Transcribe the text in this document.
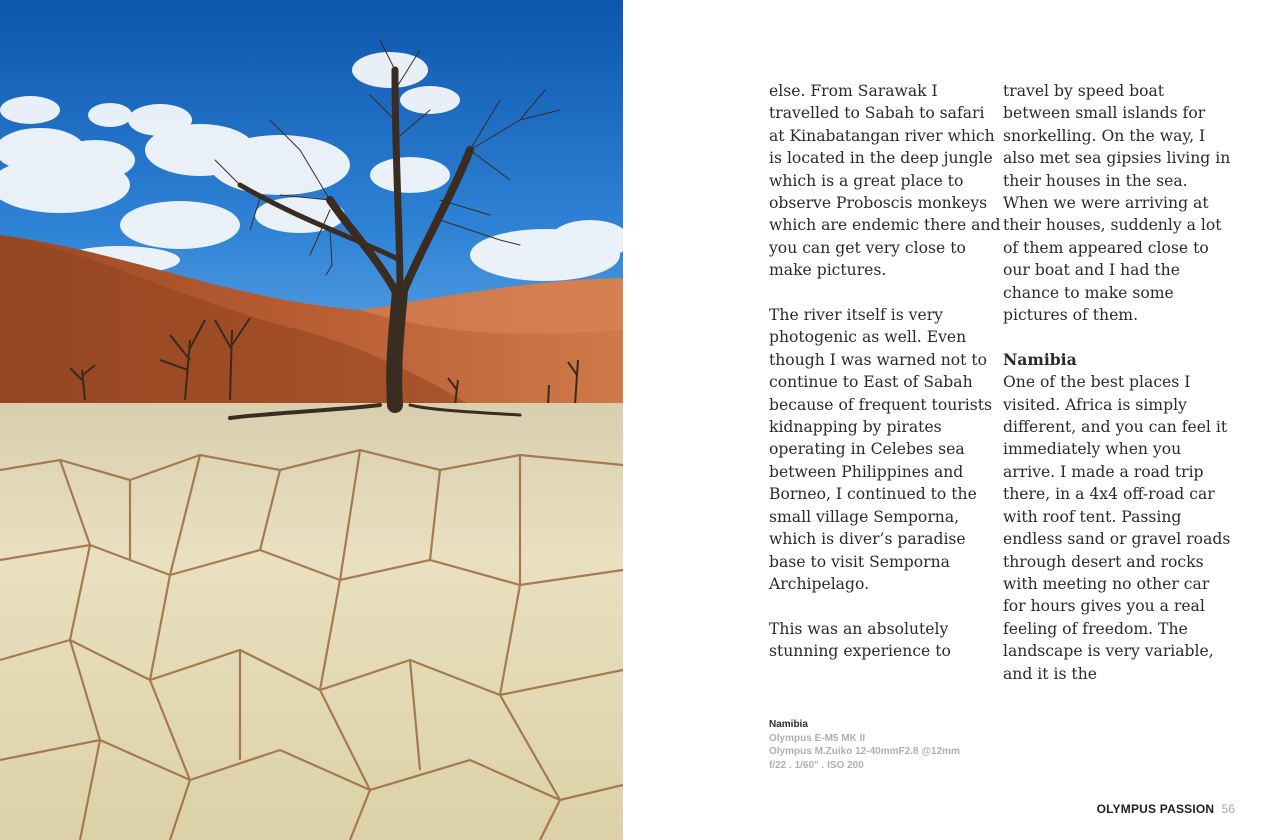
else. From Sarawak I travelled to Sabah to safari at Kinabatangan river which is located in the deep jungle which is a great place to observe Proboscis monkeys which are endemic there and you can get very close to make pictures.

The river itself is very photogenic as well. Even though I was warned not to continue to East of Sabah because of frequent tourists kidnapping by pirates operating in Celebes sea between Philippines and Borneo, I continued to the small village Semporna, which is diver’s paradise base to visit Semporna Archipelago.

This was an absolutely stunning experience to

travel by speed boat between small islands for snorkelling. On the way, I also met sea gipsies living in their houses in the sea. When we were arriving at their houses, suddenly a lot of them appeared close to our boat and I had the chance to make some pictures of them.

Namibia

One of the best places I visited. Africa is simply different, and you can feel it immediately when you arrive. I made a road trip there, in a 4x4 off-road car with roof tent. Passing endless sand or gravel roads through desert and rocks with meeting no other car for hours gives you a real feeling of freedom. The landscape is very variable, and it is the

Namibia
Olympus E-M5 MK II
Olympus M.Zuiko 12-40mmF2.8 @12mm
f/22 . 1/60" . ISO 200
OLYMPUS PASSION 56
